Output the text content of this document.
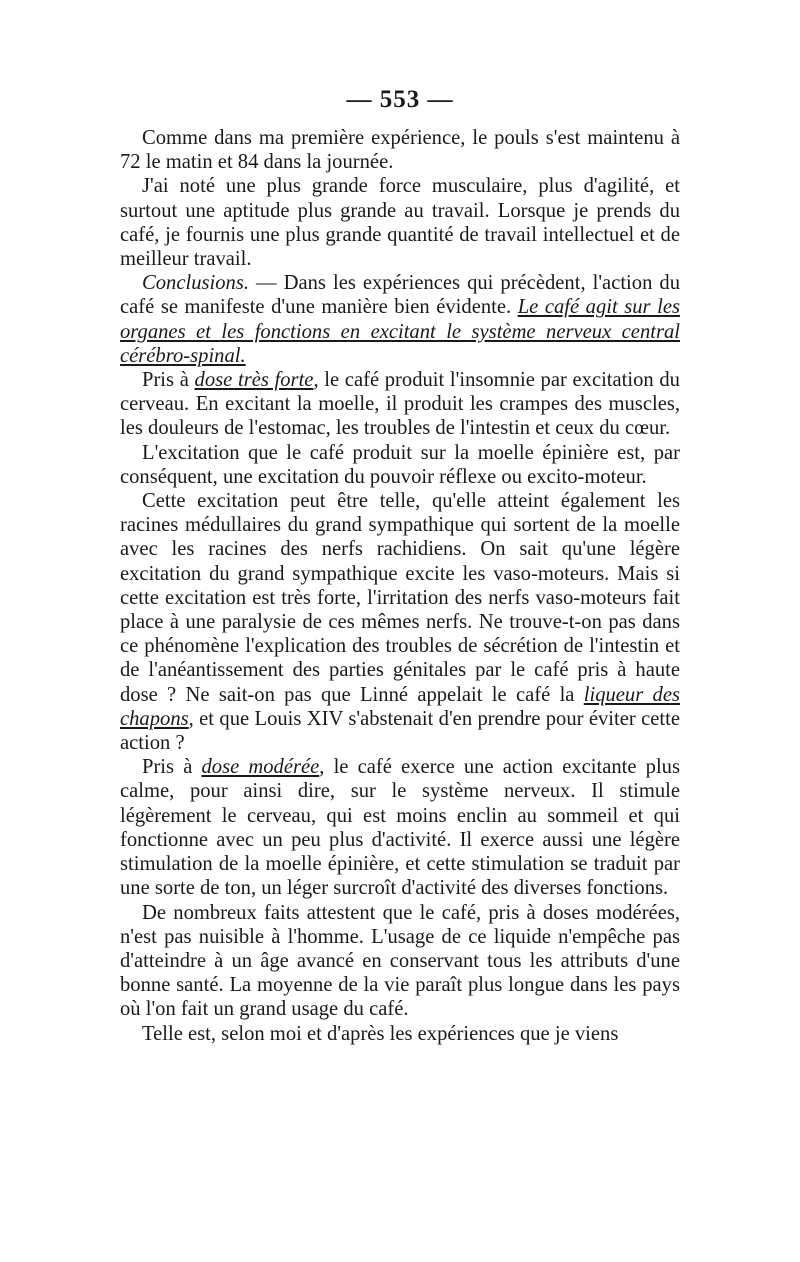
— 553 —

Comme dans ma première expérience, le pouls s'est maintenu à 72 le matin et 84 dans la journée.

J'ai noté une plus grande force musculaire, plus d'agilité, et surtout une aptitude plus grande au travail. Lorsque je prends du café, je fournis une plus grande quantité de travail intellectuel et de meilleur travail.

Conclusions. — Dans les expériences qui précèdent, l'action du café se manifeste d'une manière bien évidente. Le café agit sur les organes et les fonctions en excitant le système nerveux central cérébro-spinal.

Pris à dose très forte, le café produit l'insomnie par excitation du cerveau. En excitant la moelle, il produit les crampes des muscles, les douleurs de l'estomac, les troubles de l'intestin et ceux du cœur.

L'excitation que le café produit sur la moelle épinière est, par conséquent, une excitation du pouvoir réflexe ou excito-moteur.

Cette excitation peut être telle, qu'elle atteint également les racines médullaires du grand sympathique qui sortent de la moelle avec les racines des nerfs rachidiens. On sait qu'une légère excitation du grand sympathique excite les vaso-moteurs. Mais si cette excitation est très forte, l'irritation des nerfs vaso-moteurs fait place à une paralysie de ces mêmes nerfs. Ne trouve-t-on pas dans ce phénomène l'explication des troubles de sécrétion de l'intestin et de l'anéantissement des parties génitales par le café pris à haute dose ? Ne sait-on pas que Linné appelait le café la liqueur des chapons, et que Louis XIV s'abstenait d'en prendre pour éviter cette action ?

Pris à dose modérée, le café exerce une action excitante plus calme, pour ainsi dire, sur le système nerveux. Il stimule légèrement le cerveau, qui est moins enclin au sommeil et qui fonctionne avec un peu plus d'activité. Il exerce aussi une légère stimulation de la moelle épinière, et cette stimulation se traduit par une sorte de ton, un léger surcroît d'activité des diverses fonctions.

De nombreux faits attestent que le café, pris à doses modérées, n'est pas nuisible à l'homme. L'usage de ce liquide n'empêche pas d'atteindre à un âge avancé en conservant tous les attributs d'une bonne santé. La moyenne de la vie paraît plus longue dans les pays où l'on fait un grand usage du café.

Telle est, selon moi et d'après les expériences que je viens
